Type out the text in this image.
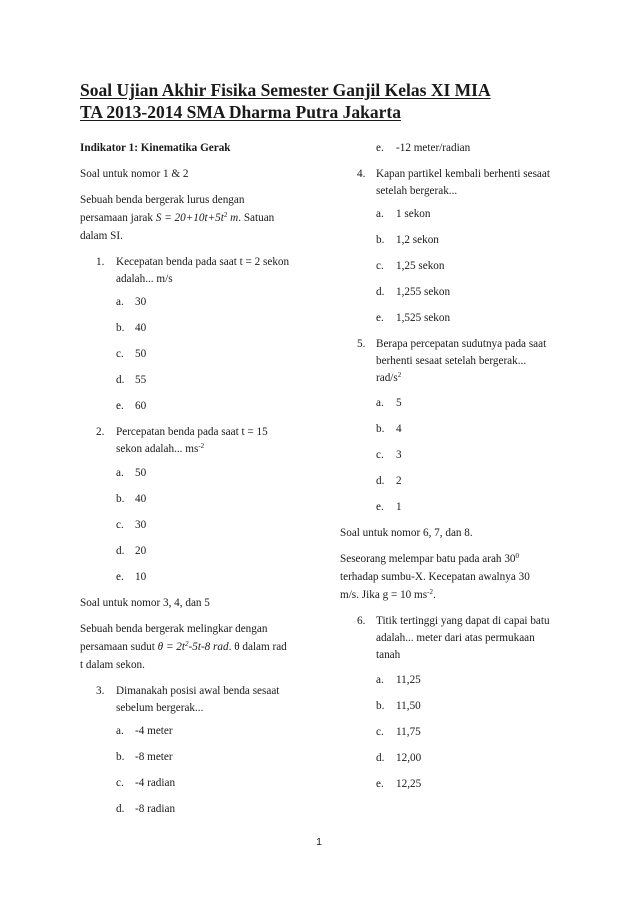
Soal Ujian Akhir Fisika Semester Ganjil Kelas XI MIA
TA 2013-2014 SMA Dharma Putra Jakarta

Indikator 1: Kinematika Gerak

Soal untuk nomor 1 & 2

Sebuah benda bergerak lurus dengan

persamaan jarak $S = 20+10t+5t^2$ m. Satuan

dalam SI.

1. Kecepatan benda pada saat t = 2 sekon

adalah... m/s

a. 30

b. 40

c. 50

d. 55

e. 60

2. Percepatan benda pada saat t = 15

sekon adalah... $ms^{-2}$

a. 50

b. 40

c. 30

d. 20

e. 10

Soal untuk nomor 3, 4, dan 5

Sebuah benda bergerak melingkar dengan

persamaan sudut $\theta = 2t^2-5t-8$ rad. θ dalam rad

t dalam sekon.

3. Dimanakah posisi awal benda sesaat

sebelum bergerak...

a. -4 meter

b. -8 meter

c. -4 radian

d. -8 radian

e. -12 meter/radian

4. Kapan partikel kembali berhenti sesaat

setelah bergerak...

a. 1 sekon

b. 1,2 sekon

c. 1,25 sekon

d. 1,255 sekon

e. 1,525 sekon

5. Berapa percepatan sudutnya pada saat

berhenti sesaat setelah bergerak...

rad/$s^2$

a. 5

b. 4

c. 3

d. 2

e. 1

Soal untuk nomor 6, 7, dan 8.

Seseorang melempar batu pada arah $30^0$

terhadap sumbu-X. Kecepatan awalnya 30

m/s. Jika g = 10 $ms^{-2}$.

6. Titik tertinggi yang dapat di capai batu

adalah... meter dari atas permukaan

tanah

a. 11,25

b. 11,50

c. 11,75

d. 12,00

e. 12,25

1
